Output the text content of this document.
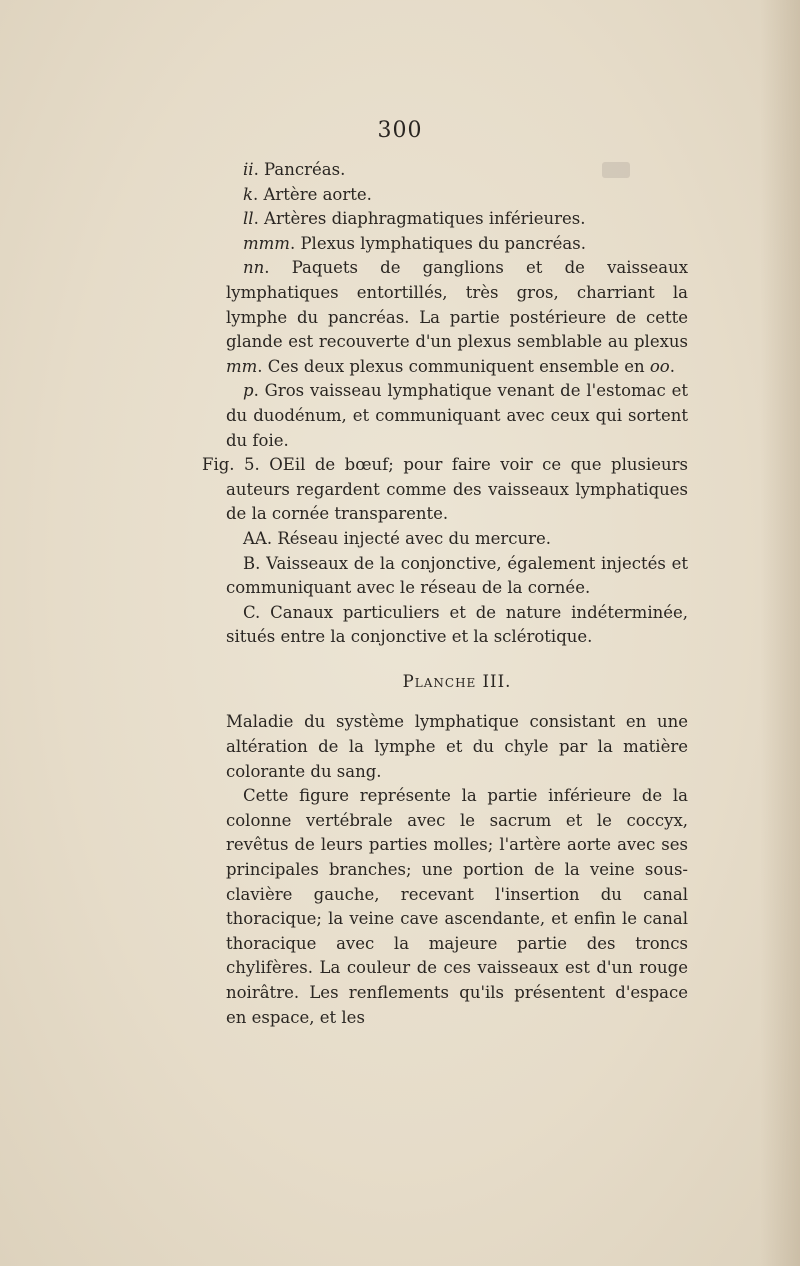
300

ii. Pancréas.

k. Artère aorte.

ll. Artères diaphragmatiques inférieures.

mmm. Plexus lymphatiques du pancréas.

nn. Paquets de ganglions et de vaisseaux lymphatiques entortillés, très gros, charriant la lymphe du pancréas. La partie postérieure de cette glande est recouverte d'un plexus semblable au plexus mm. Ces deux plexus communiquent ensemble en oo.

p. Gros vaisseau lymphatique venant de l'estomac et du duodénum, et communiquant avec ceux qui sortent du foie.

Fig. 5. OEil de bœuf; pour faire voir ce que plusieurs auteurs regardent comme des vaisseaux lymphatiques de la cornée transparente.

AA. Réseau injecté avec du mercure.

B. Vaisseaux de la conjonctive, également injectés et communiquant avec le réseau de la cornée.

C. Canaux particuliers et de nature indéterminée, situés entre la conjonctive et la sclérotique.

Planche III.

Maladie du système lymphatique consistant en une altération de la lymphe et du chyle par la matière colorante du sang.

Cette figure représente la partie inférieure de la colonne vertébrale avec le sacrum et le coccyx, revêtus de leurs parties molles; l'artère aorte avec ses principales branches; une portion de la veine sous-clavière gauche, recevant l'insertion du canal thoracique; la veine cave ascendante, et enfin le canal thoracique avec la majeure partie des troncs chylifères. La couleur de ces vaisseaux est d'un rouge noirâtre. Les renflements qu'ils présentent d'espace en espace, et les
